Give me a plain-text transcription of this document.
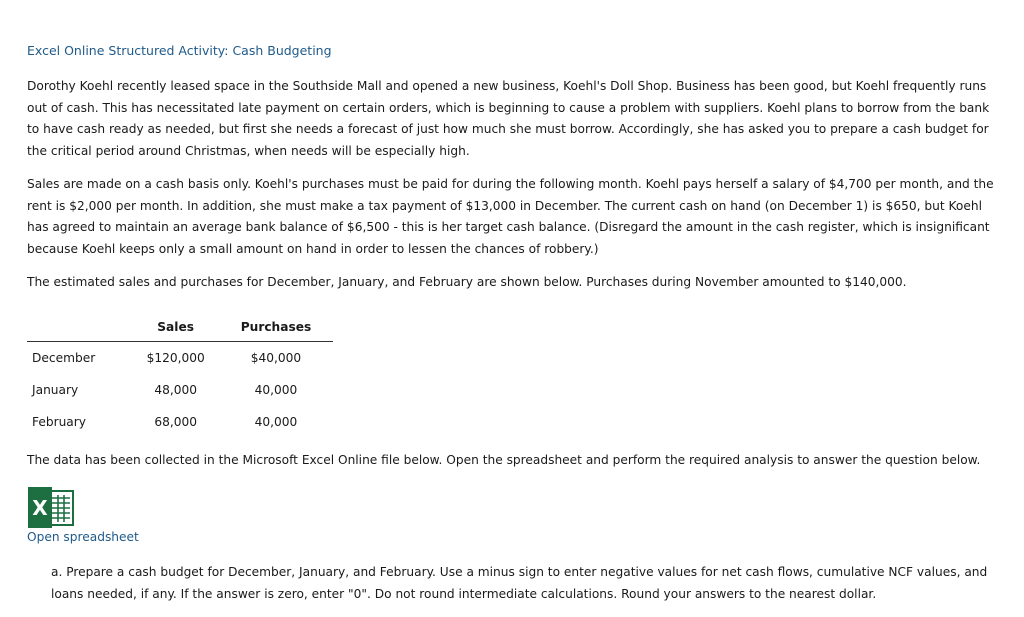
Excel Online Structured Activity: Cash Budgeting

Dorothy Koehl recently leased space in the Southside Mall and opened a new business, Koehl's Doll Shop. Business has been good, but Koehl frequently runs out of cash. This has necessitated late payment on certain orders, which is beginning to cause a problem with suppliers. Koehl plans to borrow from the bank to have cash ready as needed, but first she needs a forecast of just how much she must borrow. Accordingly, she has asked you to prepare a cash budget for the critical period around Christmas, when needs will be especially high.

Sales are made on a cash basis only. Koehl's purchases must be paid for during the following month. Koehl pays herself a salary of $4,700 per month, and the rent is $2,000 per month. In addition, she must make a tax payment of $13,000 in December. The current cash on hand (on December 1) is $650, but Koehl has agreed to maintain an average bank balance of $6,500 - this is her target cash balance. (Disregard the amount in the cash register, which is insignificant because Koehl keeps only a small amount on hand in order to lessen the chances of robbery.)

The estimated sales and purchases for December, January, and February are shown below. Purchases during November amounted to $140,000.

	Sales	Purchases
December	$120,000	$40,000
January	48,000	40,000
February	68,000	40,000

The data has been collected in the Microsoft Excel Online file below. Open the spreadsheet and perform the required analysis to answer the question below.

X
Open spreadsheet

a. Prepare a cash budget for December, January, and February. Use a minus sign to enter negative values for net cash flows, cumulative NCF values, and loans needed, if any. If the answer is zero, enter "0". Do not round intermediate calculations. Round your answers to the nearest dollar.
